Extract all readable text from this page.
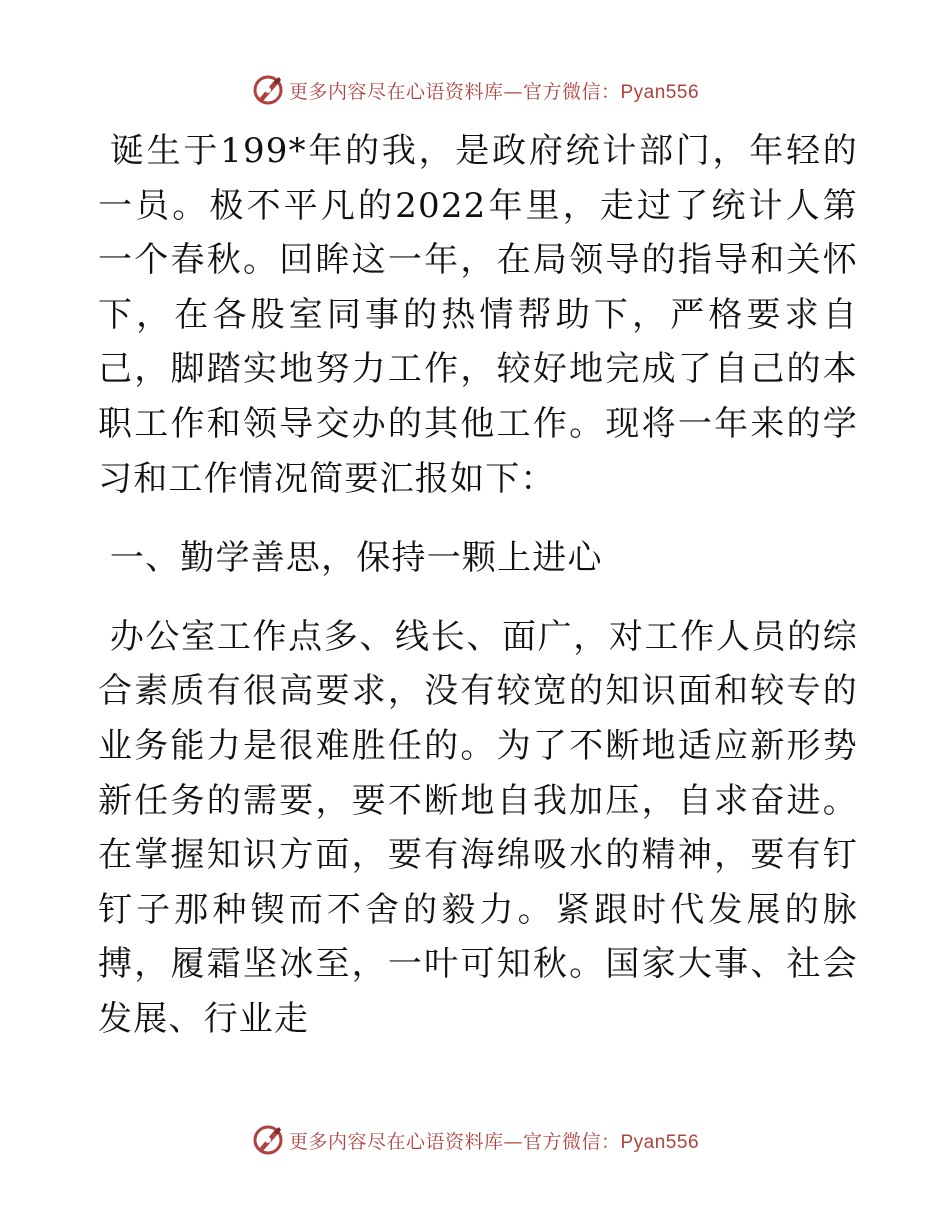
更多内容尽在心语资料库—官方微信：Pyan556

诞生于199*年的我，是政府统计部门，年轻的一员。极不平凡的2022年里，走过了统计人第一个春秋。回眸这一年，在局领导的指导和关怀下，在各股室同事的热情帮助下，严格要求自己，脚踏实地努力工作，较好地完成了自己的本职工作和领导交办的其他工作。现将一年来的学习和工作情况简要汇报如下：

一、勤学善思，保持一颗上进心

办公室工作点多、线长、面广，对工作人员的综合素质有很高要求，没有较宽的知识面和较专的业务能力是很难胜任的。为了不断地适应新形势新任务的需要，要不断地自我加压，自求奋进。在掌握知识方面，要有海绵吸水的精神，要有钉钉子那种锲而不舍的毅力。紧跟时代发展的脉搏，履霜坚冰至，一叶可知秋。国家大事、社会发展、行业走

更多内容尽在心语资料库—官方微信：Pyan556
